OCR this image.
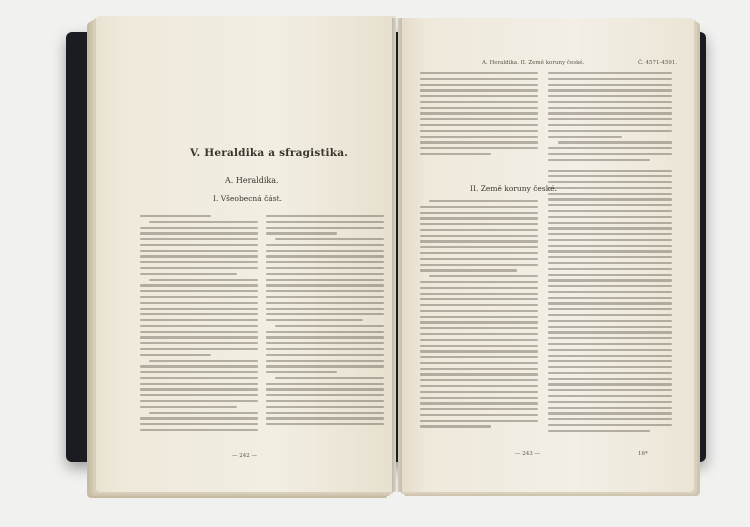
V. Heraldika a sfragistika.
A. Heraldika.
I. Všeobecná část.
— 242 —
A. Heraldika. II. Země koruny české.	Č. 4571-4591.
II. Země koruny české.
— 243 —	16*
